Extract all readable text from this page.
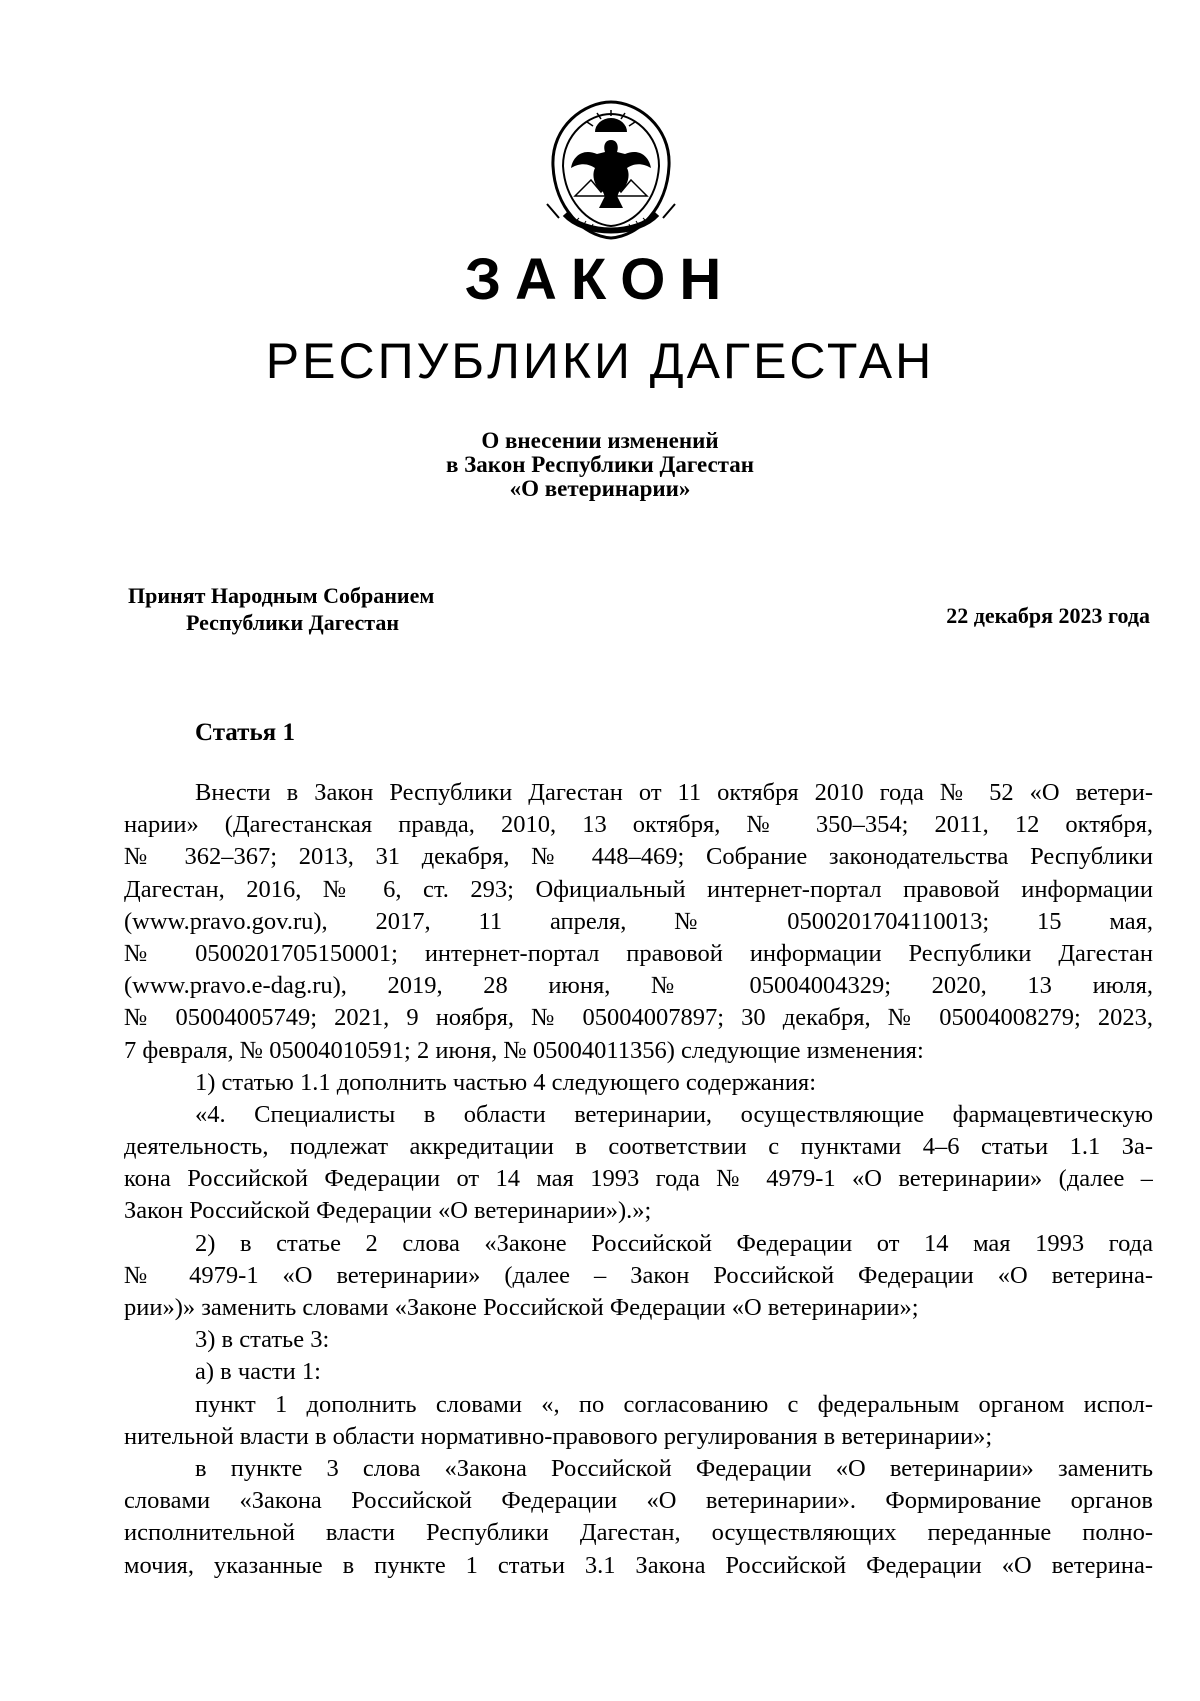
ЗАКОН
РЕСПУБЛИКИ ДАГЕСТАН
О внесении изменений
в Закон Республики Дагестан
«О ветеринарии»
Принят Народным Собранием
Республики Дагестан	22 декабря 2023 года
Статья 1
Внести в Закон Республики Дагестан от 11 октября 2010 года № 52 «О ветери-
нарии» (Дагестанская правда, 2010, 13 октября, № 350–354; 2011, 12 октября,
№ 362–367; 2013, 31 декабря, № 448–469; Собрание законодательства Республики
Дагестан, 2016, № 6, ст. 293; Официальный интернет-портал правовой информации
(www.pravo.gov.ru), 2017, 11 апреля, № 0500201704110013; 15 мая,
№ 0500201705150001; интернет-портал правовой информации Республики Дагестан
(www.pravo.e-dag.ru), 2019, 28 июня, № 05004004329; 2020, 13 июля,
№ 05004005749; 2021, 9 ноября, № 05004007897; 30 декабря, № 05004008279; 2023,
7 февраля, № 05004010591; 2 июня, № 05004011356) следующие изменения:
1) статью 1.1 дополнить частью 4 следующего содержания:
«4. Специалисты в области ветеринарии, осуществляющие фармацевтическую
деятельность, подлежат аккредитации в соответствии с пунктами 4–6 статьи 1.1 За-
кона Российской Федерации от 14 мая 1993 года № 4979-1 «О ветеринарии» (далее –
Закон Российской Федерации «О ветеринарии»).»;
2) в статье 2 слова «Законе Российской Федерации от 14 мая 1993 года
№ 4979-1 «О ветеринарии» (далее – Закон Российской Федерации «О ветерина-
рии»)» заменить словами «Законе Российской Федерации «О ветеринарии»;
3) в статье 3:
а) в части 1:
пункт 1 дополнить словами «, по согласованию с федеральным органом испол-
нительной власти в области нормативно-правового регулирования в ветеринарии»;
в пункте 3 слова «Закона Российской Федерации «О ветеринарии» заменить
словами «Закона Российской Федерации «О ветеринарии». Формирование органов
исполнительной власти Республики Дагестан, осуществляющих переданные полно-
мочия, указанные в пункте 1 статьи 3.1 Закона Российской Федерации «О ветерина-
